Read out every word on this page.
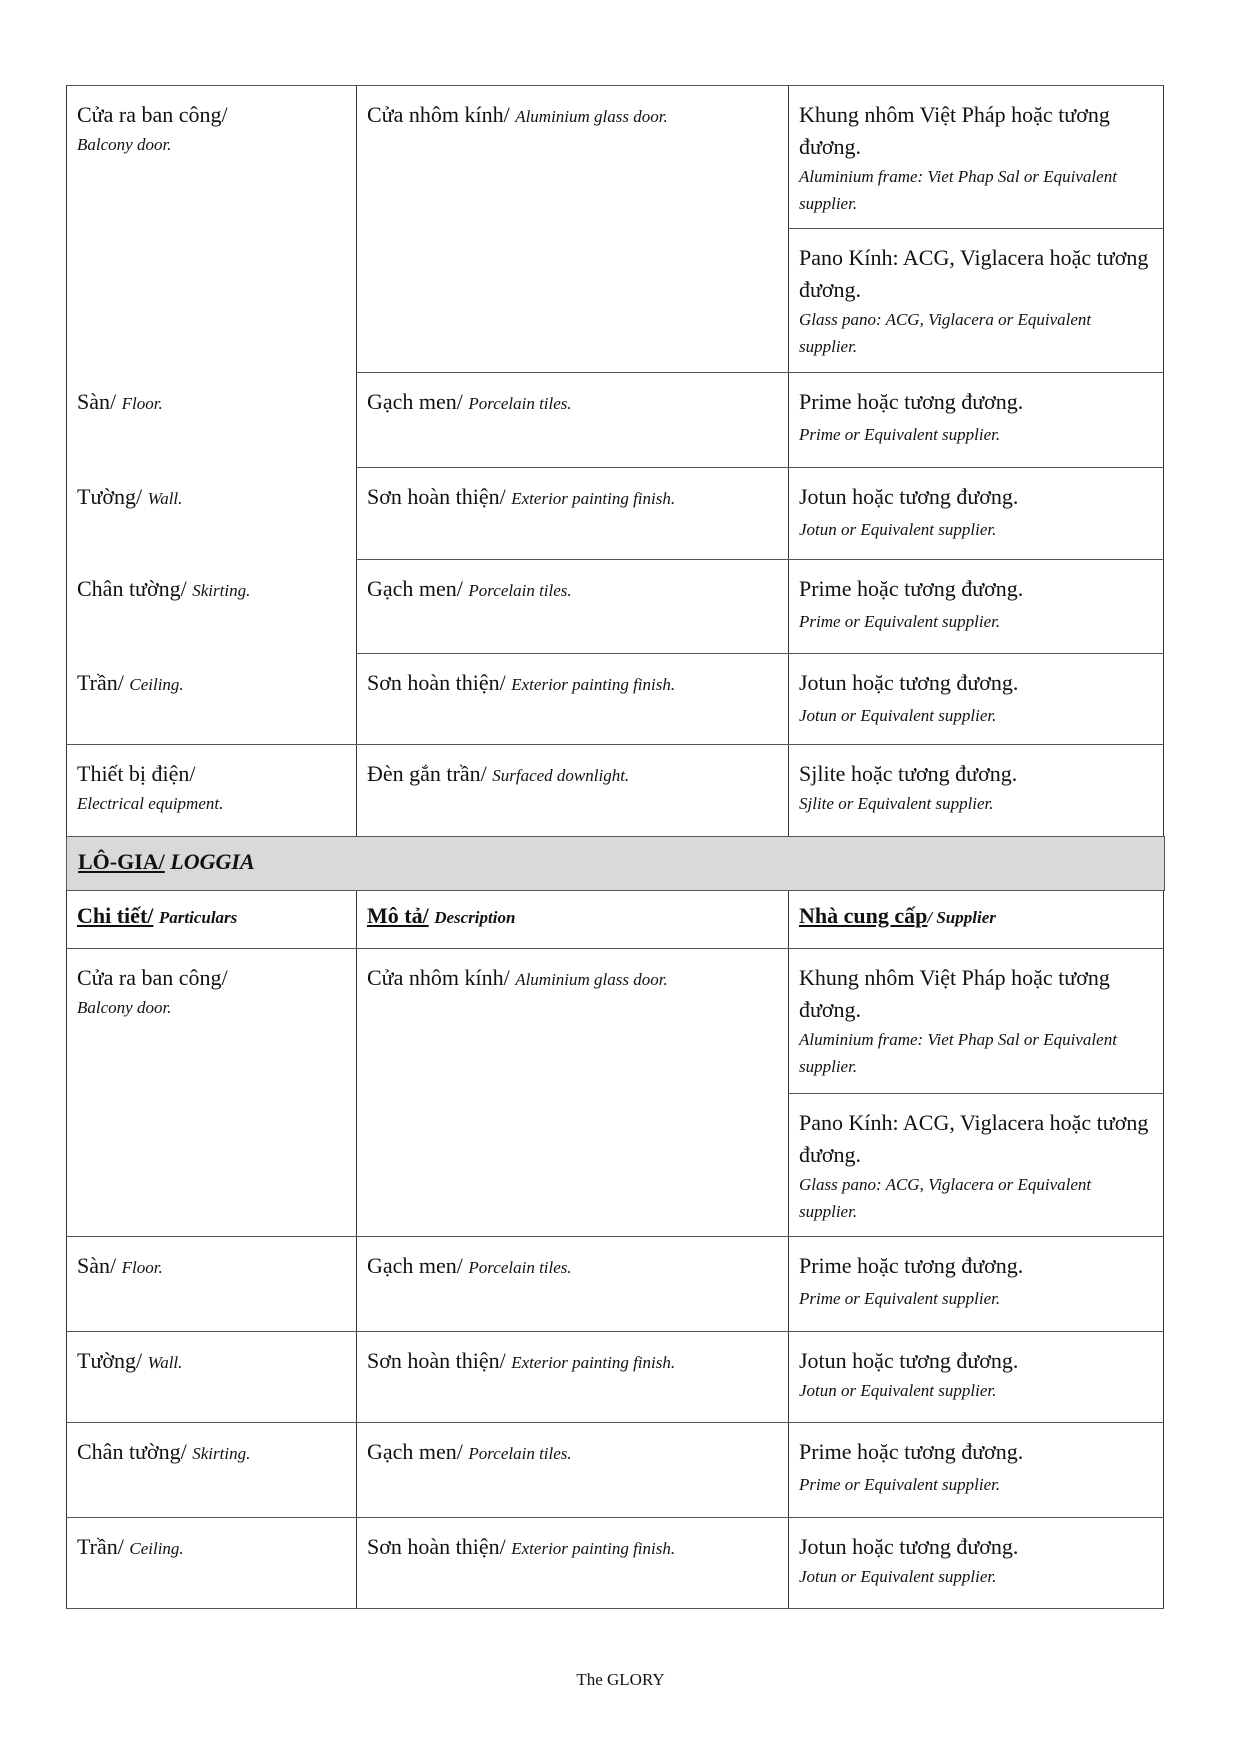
Cửa ra ban công/
Balcony door.
Cửa nhôm kính/ Aluminium glass door.	Khung nhôm Việt Pháp hoặc tương đương.
Aluminium frame: Viet Phap Sal or Equivalent supplier.
Pano Kính: ACG, Viglacera hoặc tương đương.
Glass pano: ACG, Viglacera or Equivalent supplier.
Sàn/ Floor.	Gạch men/ Porcelain tiles.	Prime hoặc tương đương.
Prime or Equivalent supplier.
Tường/ Wall.	Sơn hoàn thiện/ Exterior painting finish.	Jotun hoặc tương đương.
Jotun or Equivalent supplier.
Chân tường/ Skirting.	Gạch men/ Porcelain tiles.	Prime hoặc tương đương.
Prime or Equivalent supplier.
Trần/ Ceiling.	Sơn hoàn thiện/ Exterior painting finish.	Jotun hoặc tương đương.
Jotun or Equivalent supplier.
Thiết bị điện/
Electrical equipment.
Đèn gắn trần/ Surfaced downlight.	Sjlite hoặc tương đương.
Sjlite or Equivalent supplier.
LÔ-GIA/ LOGGIA
Chi tiết/ Particulars	Mô tả/ Description	Nhà cung cấp/ Supplier
Cửa ra ban công/
Balcony door.
Cửa nhôm kính/ Aluminium glass door.	Khung nhôm Việt Pháp hoặc tương đương.
Aluminium frame: Viet Phap Sal or Equivalent supplier.
Pano Kính: ACG, Viglacera hoặc tương đương.
Glass pano: ACG, Viglacera or Equivalent supplier.
Sàn/ Floor.	Gạch men/ Porcelain tiles.	Prime hoặc tương đương.
Prime or Equivalent supplier.
Tường/ Wall.	Sơn hoàn thiện/ Exterior painting finish.	Jotun hoặc tương đương.
Jotun or Equivalent supplier.
Chân tường/ Skirting.	Gạch men/ Porcelain tiles.	Prime hoặc tương đương.
Prime or Equivalent supplier.
Trần/ Ceiling.	Sơn hoàn thiện/ Exterior painting finish.	Jotun hoặc tương đương.
Jotun or Equivalent supplier.
The GLORY
